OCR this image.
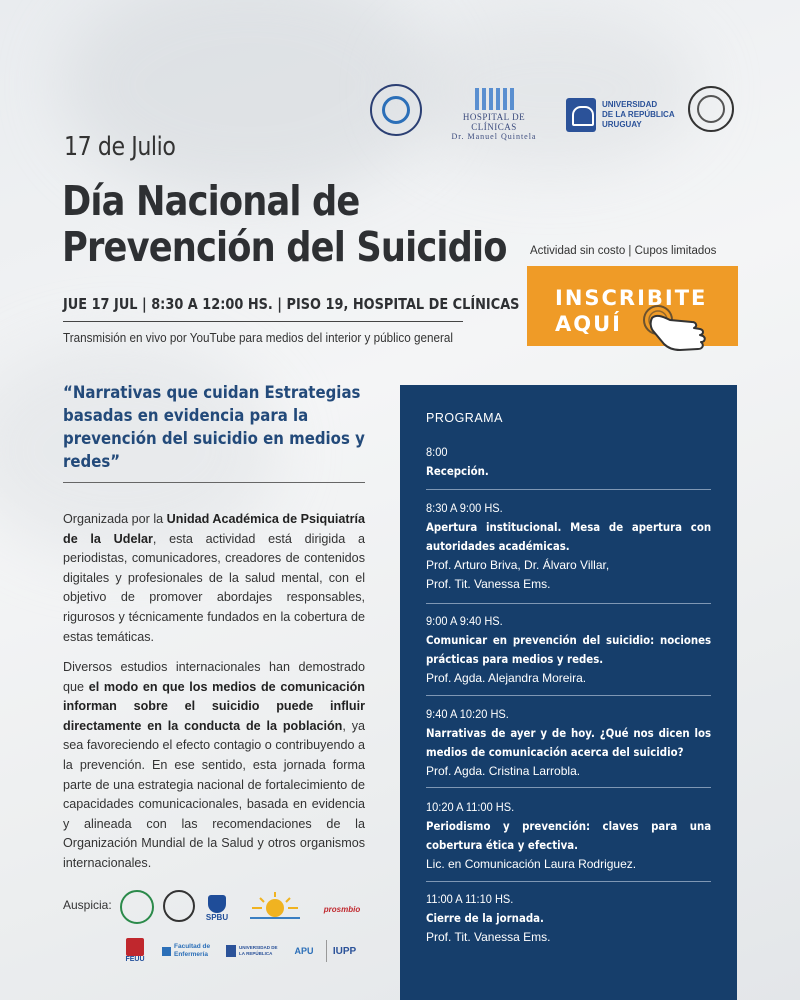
HOSPITAL DE CLÍNICAS
Dr. Manuel Quintela
UNIVERSIDAD
DE LA REPÚBLICA
URUGUAY
17 de Julio
Día Nacional de
Prevención del Suicidio
JUE 17 JUL | 8:30 A 12:00 HS. | PISO 19, HOSPITAL DE CLÍNICAS
Transmisión en vivo por YouTube para medios del interior y público general
Actividad sin costo | Cupos limitados
INSCRIBITE
AQUÍ
“Narrativas que cuidan Estrategias basadas en evidencia para la prevención del suicidio en medios y redes”

Organizada por la Unidad Académica de Psiquiatría de la Udelar, esta actividad está dirigida a periodistas, comunicadores, creadores de contenidos digitales y profesionales de la salud mental, con el objetivo de promover abordajes responsables, rigurosos y técnicamente fundados en la cobertura de estas temáticas.

Diversos estudios internacionales han demostrado que el modo en que los medios de comunicación informan sobre el suicidio puede influir directamente en la conducta de la población, ya sea favoreciendo el efecto contagio o contribuyendo a la prevención. En ese sentido, esta jornada forma parte de una estrategia nacional de fortalecimiento de capacidades comunicacionales, basada en evidencia y alineada con las recomendaciones de la Organización Mundial de la Salud y otros organismos internacionales.

Auspicia:
SPBU
prosmbio
FEUU
Facultad de
Enfermería
UNIVERSIDAD DE LA REPÚBLICA	APU	IUPP
PROGRAMA
8:00
Recepción.
8:30 A 9:00 HS.
Apertura institucional. Mesa de apertura con autoridades académicas.
Prof. Arturo Briva, Dr. Álvaro Villar,
Prof. Tit. Vanessa Ems.
9:00 A 9:40 HS.
Comunicar en prevención del suicidio: nociones prácticas para medios y redes.
Prof. Agda. Alejandra Moreira.
9:40 A 10:20 HS.
Narrativas de ayer y de hoy. ¿Qué nos dicen los medios de comunicación acerca del suicidio?
Prof. Agda. Cristina Larrobla.
10:20 A 11:00 HS.
Periodismo y prevención: claves para una cobertura ética y efectiva.
Lic. en Comunicación Laura Rodriguez.
11:00 A 11:10 HS.
Cierre de la jornada.
Prof. Tit. Vanessa Ems.
